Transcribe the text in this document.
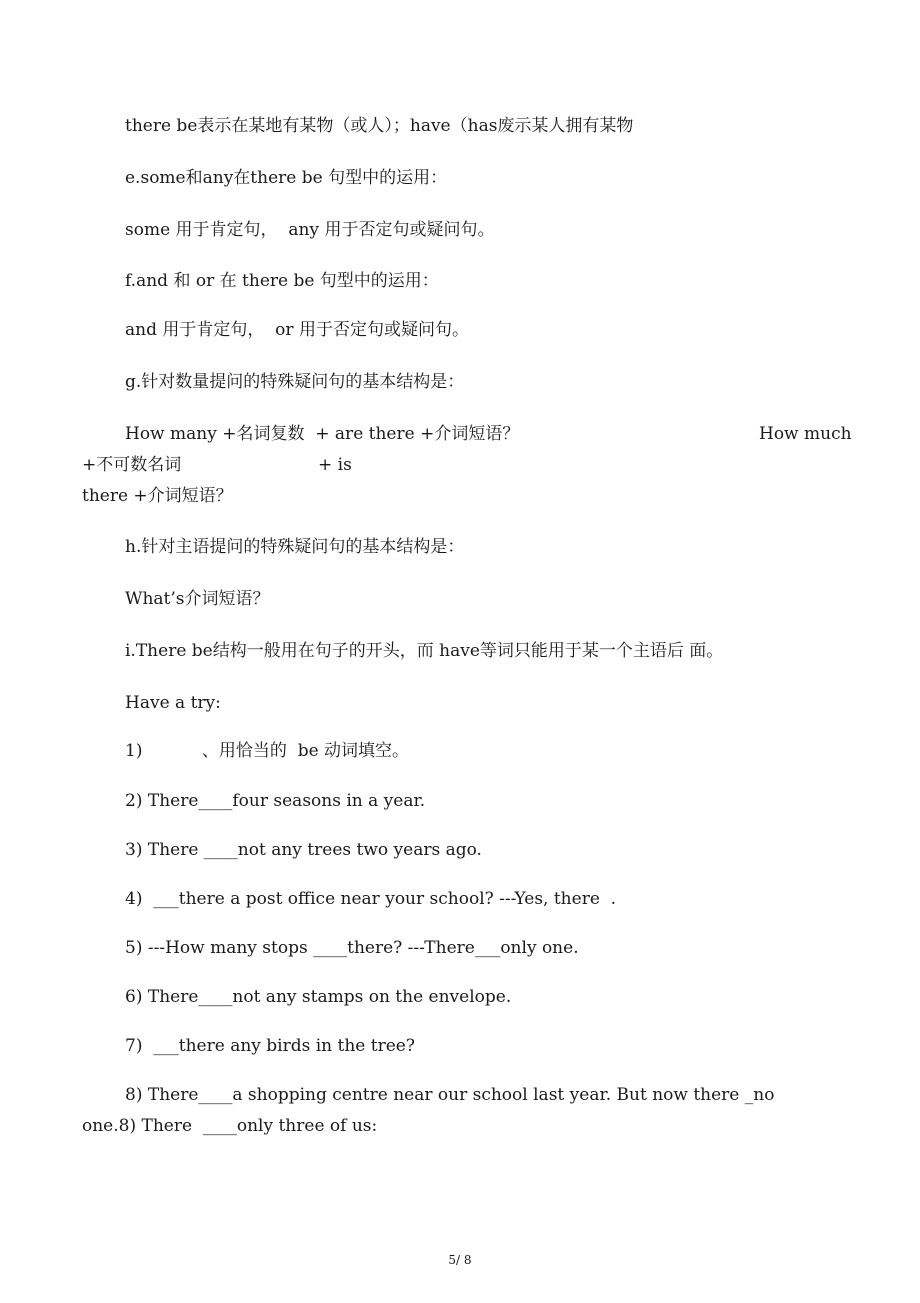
there be表示在某地有某物（或人）；have（has废示某人拥有某物
e.some和any在there be 句型中的运用：
some 用于肯定句，  any 用于否定句或疑问句。
f.and 和 or 在 there be 句型中的运用：
and 用于肯定句，  or 用于否定句或疑问句。
g.针对数量提问的特殊疑问句的基本结构是：
How many +名词复数  + are there +介词短语？	How much
+不可数名词	+ is
there +介词短语？
h.针对主语提问的特殊疑问句的基本结构是：
What’s介词短语？
i.There be结构一般用在句子的开头，而 have等词只能用于某一个主语后 面。
Have a try:
1)           、用恰当的  be 动词填空。
2) There____four seasons in a year.
3) There ____not any trees two years ago.
4)  ___there a post office near your school? ---Yes, there  .
5) ---How many stops ____there? ---There___only one.
6) There____not any stamps on the envelope.
7)  ___there any birds in the tree?
8) There____a shopping centre near our school last year. But now there _no
one.8) There  ____only three of us:
5/ 8
